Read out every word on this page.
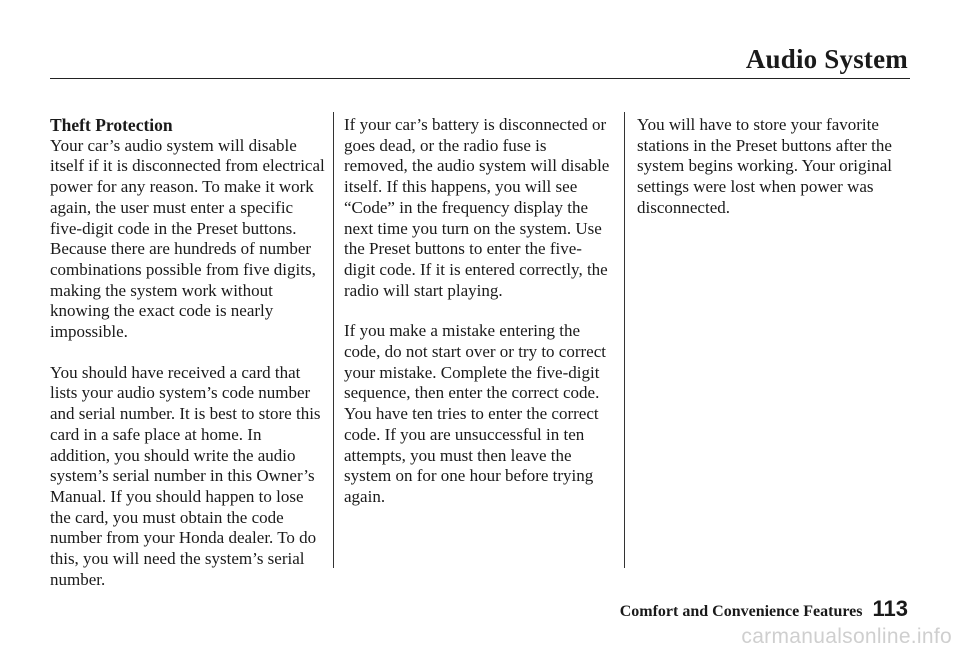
Audio System

Theft Protection
Your car’s audio system will disable itself if it is disconnected from electrical power for any reason. To make it work again, the user must enter a specific five-digit code in the Preset buttons. Because there are hundreds of number combinations possible from five digits, making the system work without knowing the exact code is nearly impossible.

You should have received a card that lists your audio system’s code number and serial number. It is best to store this card in a safe place at home. In addition, you should write the audio system’s serial number in this Owner’s Manual. If you should happen to lose the card, you must obtain the code number from your Honda dealer. To do this, you will need the system’s serial number.

If your car’s battery is disconnected or goes dead, or the radio fuse is removed, the audio system will disable itself. If this happens, you will see “Code” in the frequency display the next time you turn on the system. Use the Preset buttons to enter the five-digit code. If it is entered correctly, the radio will start playing.

If you make a mistake entering the code, do not start over or try to correct your mistake. Complete the five-digit sequence, then enter the correct code. You have ten tries to enter the correct code. If you are unsuccessful in ten attempts, you must then leave the system on for one hour before trying again.

You will have to store your favorite stations in the Preset buttons after the system begins working. Your original settings were lost when power was disconnected.

Comfort and Convenience Features 113
carmanualsonline.info
